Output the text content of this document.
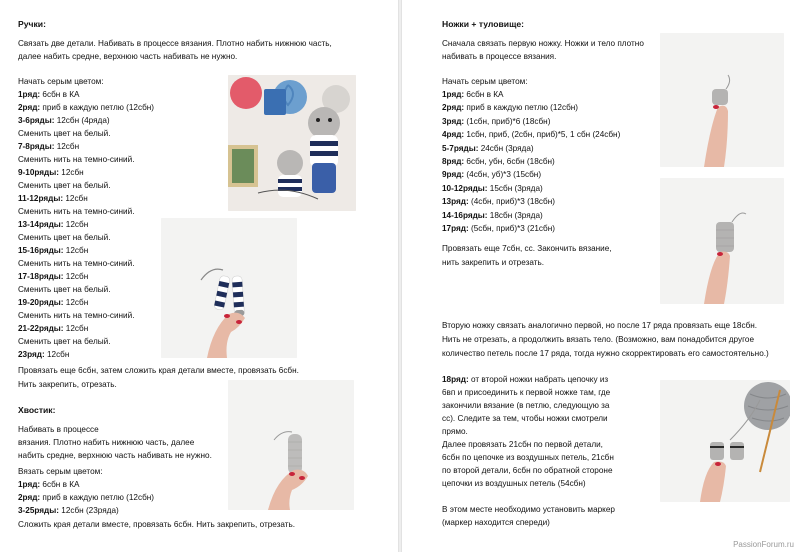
Ручки:
Связать две детали. Набивать в процессе вязания. Плотно набить нижнюю часть,
далее набить средне, верхнюю часть набивать не нужно.
Начать серым цветом:
1ряд: 6сбн в КА
2ряд: приб в каждую петлю (12сбн)
3-6ряды: 12сбн (4ряда)
Сменить цвет на белый.
7-8ряды: 12сбн
Сменить нить на темно-синий.
9-10ряды: 12сбн
Сменить цвет на белый.
11-12ряды: 12сбн
Сменить нить на темно-синий.
13-14ряды: 12сбн
Сменить цвет на белый.
15-16ряды: 12сбн
Сменить нить на темно-синий.
17-18ряды: 12сбн
Сменить цвет на белый.
19-20ряды: 12сбн
Сменить нить на темно-синий.
21-22ряды: 12сбн
Сменить цвет на белый.
23ряд: 12сбн
Провязать еще 6сбн, затем сложить края детали вместе, провязать 6сбн.
Нить закрепить, отрезать.
Хвостик:
Набивать в процессе
вязания. Плотно набить нижнюю часть, далее
набить средне, верхнюю часть набивать не нужно.
Вязать серым цветом:
1ряд: 6сбн в КА
2ряд: приб в каждую петлю (12сбн)
3-25ряды: 12сбн (23ряда)
Сложить края детали вместе, провязать 6сбн. Нить закрепить, отрезать.
Ножки + туловище:
Сначала связать первую ножку. Ножки и тело плотно
набивать в процессе вязания.
Начать серым цветом:
1ряд: 6сбн в КА
2ряд: приб в каждую петлю (12сбн)
3ряд: (1сбн, приб)*6 (18сбн)
4ряд: 1сбн, приб, (2сбн, приб)*5, 1 сбн (24сбн)
5-7ряды: 24сбн (3ряда)
8ряд: 6сбн, убн, 6сбн (18сбн)
9ряд: (4сбн, уб)*3 (15сбн)
10-12ряды: 15сбн (3ряда)
13ряд: (4сбн, приб)*3 (18сбн)
14-16ряды: 18сбн (3ряда)
17ряд: (5сбн, приб)*3 (21сбн)
Провязать еще 7сбн, сс. Закончить вязание,
нить закрепить и отрезать.
Вторую ножку связать аналогично первой, но после 17 ряда провязать еще 18сбн.
Нить не отрезать, а продолжить вязать тело. (Возможно, вам понадобится другое
количество петель после 17 ряда, тогда нужно скорректировать его самостоятельно.)
18ряд: от второй ножки набрать цепочку из
6вп и присоединить к первой ножке там, где
закончили вязание (в петлю, следующую за
сс). Следите за тем, чтобы ножки смотрели
прямо.
Далее провязать 21сбн по первой детали,
6сбн по цепочке из воздушных петель, 21сбн
по второй детали, 6сбн по обратной стороне
цепочки из воздушных петель (54сбн)
В этом месте необходимо установить маркер
(маркер находится спереди)
PassionForum.ru
